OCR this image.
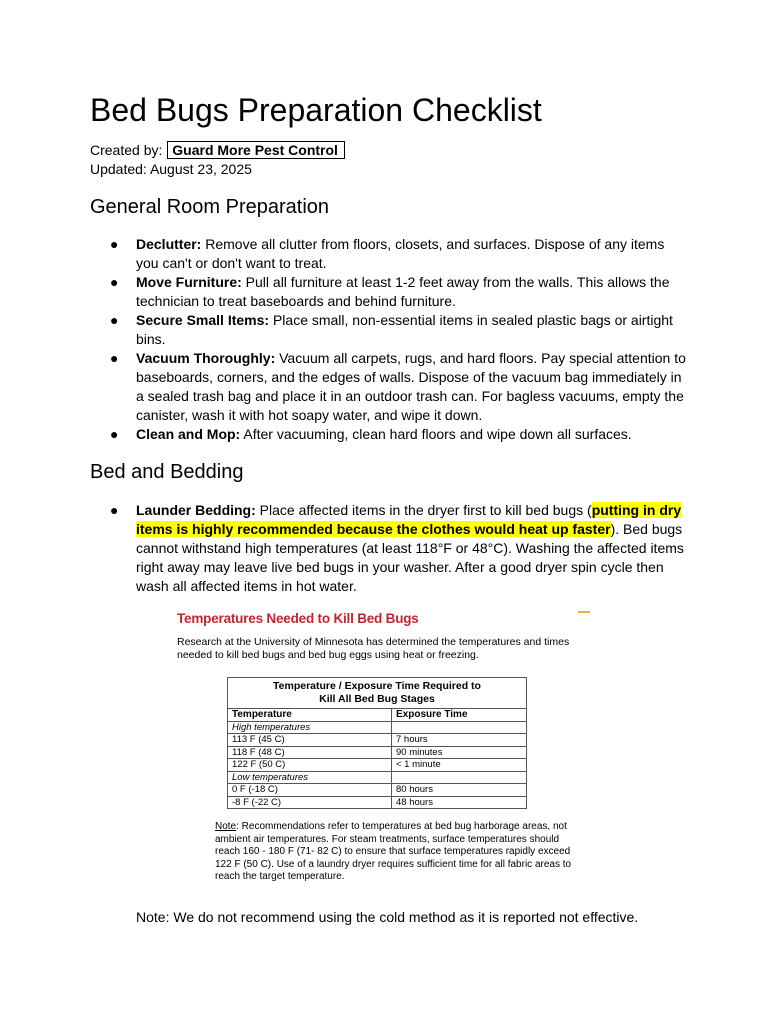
Bed Bugs Preparation Checklist
Created by: Guard More Pest Control
Updated: August 23, 2025
General Room Preparation
● Declutter: Remove all clutter from floors, closets, and surfaces. Dispose of any items you can't or don't want to treat.
● Move Furniture: Pull all furniture at least 1-2 feet away from the walls. This allows the technician to treat baseboards and behind furniture.
● Secure Small Items: Place small, non-essential items in sealed plastic bags or airtight bins.
● Vacuum Thoroughly: Vacuum all carpets, rugs, and hard floors. Pay special attention to baseboards, corners, and the edges of walls. Dispose of the vacuum bag immediately in a sealed trash bag and place it in an outdoor trash can. For bagless vacuums, empty the canister, wash it with hot soapy water, and wipe it down.
● Clean and Mop: After vacuuming, clean hard floors and wipe down all surfaces.
Bed and Bedding
● Launder Bedding: Place affected items in the dryer first to kill bed bugs (putting in dry items is highly recommended because the clothes would heat up faster). Bed bugs cannot withstand high temperatures (at least 118°F or 48°C). Washing the affected items right away may leave live bed bugs in your washer. After a good dryer spin cycle then wash all affected items in hot water.
Temperatures Needed to Kill Bed Bugs
Research at the University of Minnesota has determined the temperatures and times needed to kill bed bugs and bed bug eggs using heat or freezing.
Temperature / Exposure Time Required to
Kill All Bed Bug Stages	
Temperature	Exposure Time
High temperatures	
113 F (45 C)	7 hours
118 F (48 C)	90 minutes
122 F (50 C)	< 1 minute
Low temperatures	
0 F (-18 C)	80 hours
-8 F (-22 C)	48 hours
Note: Recommendations refer to temperatures at bed bug harborage areas, not ambient air temperatures. For steam treatments, surface temperatures should reach 160 - 180 F (71- 82 C) to ensure that surface temperatures rapidly exceed 122 F (50 C). Use of a laundry dryer requires sufficient time for all fabric areas to reach the target temperature.
Note: We do not recommend using the cold method as it is reported not effective.
